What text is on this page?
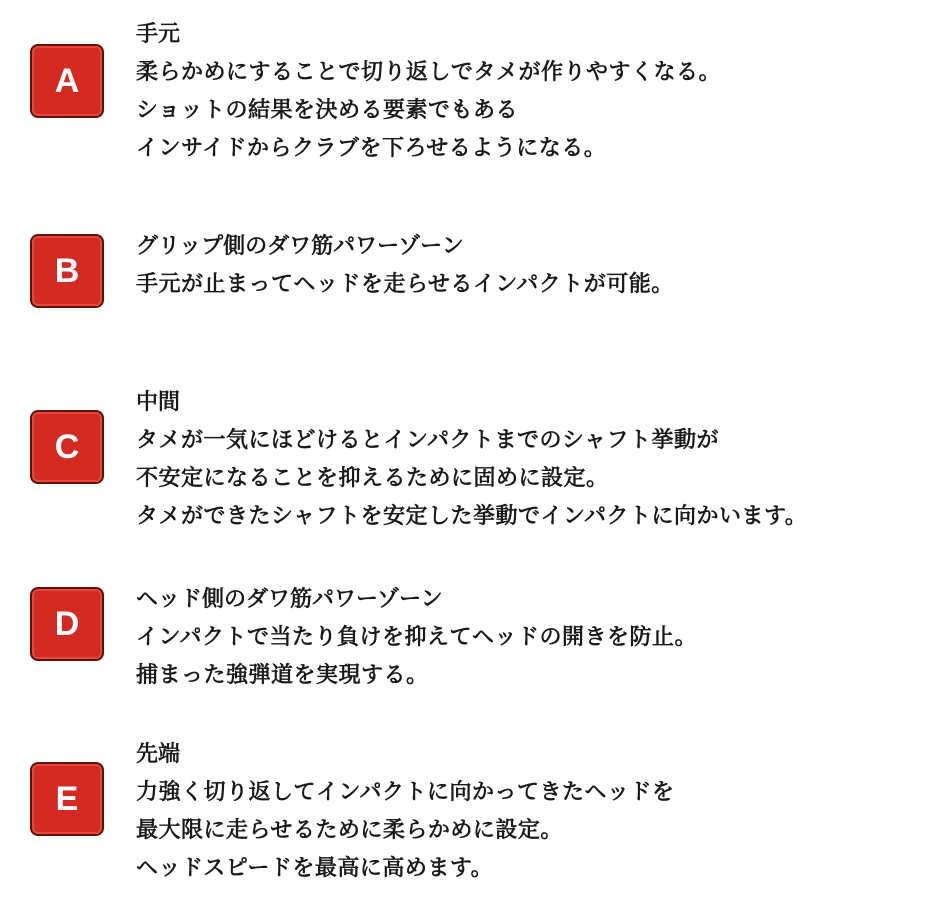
A
手元
柔らかめにすることで切り返しでタメが作りやすくなる。
ショットの結果を決める要素でもある
インサイドからクラブを下ろせるようになる。
B
グリップ側のダワ筋パワーゾーン
手元が止まってヘッドを走らせるインパクトが可能。
C
中間
タメが一気にほどけるとインパクトまでのシャフト挙動が
不安定になることを抑えるために固めに設定。
タメができたシャフトを安定した挙動でインパクトに向かいます。
D
ヘッド側のダワ筋パワーゾーン
インパクトで当たり負けを抑えてヘッドの開きを防止。
捕まった強弾道を実現する。
E
先端
力強く切り返してインパクトに向かってきたヘッドを
最大限に走らせるために柔らかめに設定。
ヘッドスピードを最高に高めます。
